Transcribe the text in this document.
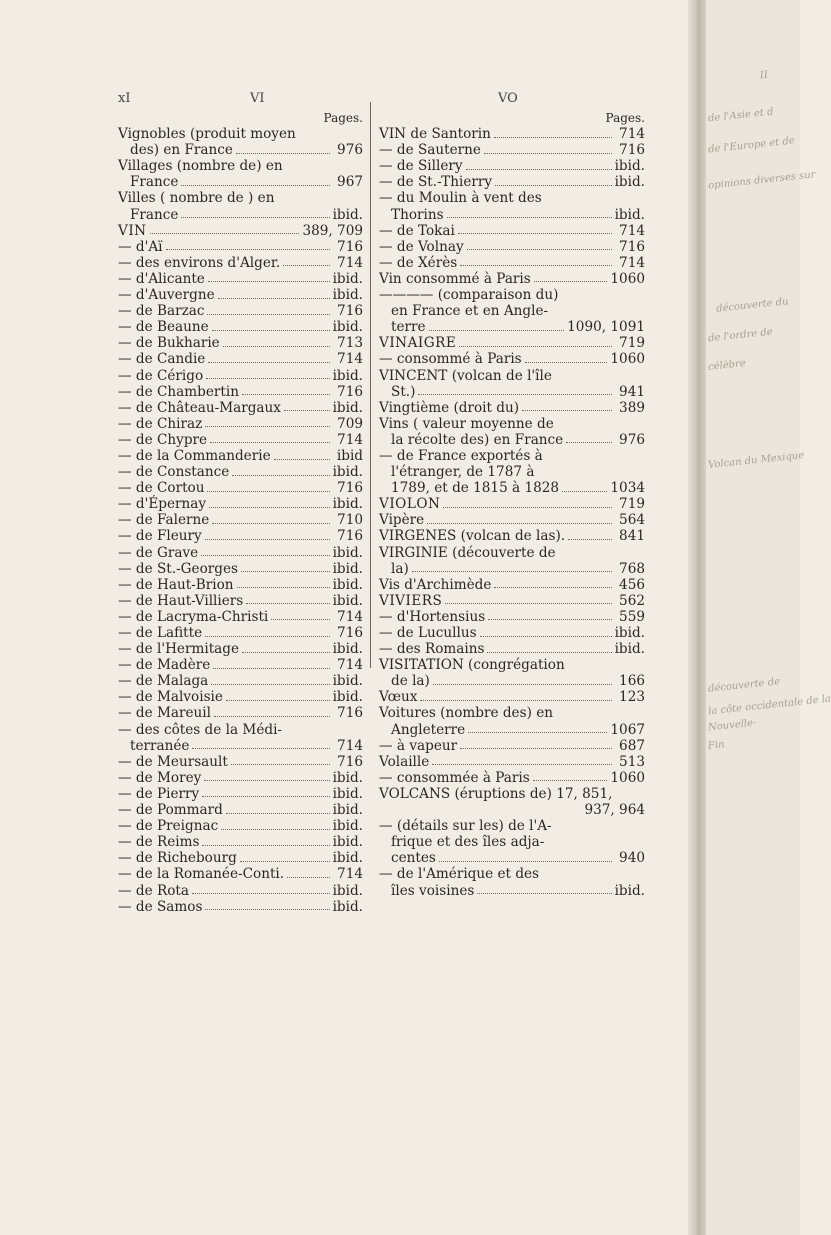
xI	VI	VO
Pages.
Vignobles (produit moyen
des) en France	976
Villages (nombre de) en
France	967
Villes ( nombre de ) en
France	ibid.
VIN	389, 709
— d'Aï	716
— des environs d'Alger.	714
— d'Alicante	ibid.
— d'Auvergne	ibid.
— de Barzac	716
— de Beaune	ibid.
— de Bukharie	713
— de Candie	714
— de Cérigo	ibid.
— de Chambertin	716
— de Château-Margaux	ibid.
— de Chiraz	709
— de Chypre	714
— de la Commanderie	ibid
— de Constance	ibid.
— de Cortou	716
— d'Épernay	ibid.
— de Falerne	710
— de Fleury	716
— de Grave	ibid.
— de St.-Georges	ibid.
— de Haut-Brion	ibid.
— de Haut-Villiers	ibid.
— de Lacryma-Christi	714
— de Lafitte	716
— de l'Hermitage	ibid.
— de Madère	714
— de Malaga	ibid.
— de Malvoisie	ibid.
— de Mareuil	716
— des côtes de la Médi-
terranée	714
— de Meursault	716
— de Morey	ibid.
— de Pierry	ibid.
— de Pommard	ibid.
— de Preignac	ibid.
— de Reims	ibid.
— de Richebourg	ibid.
— de la Romanée-Conti.	714
— de Rota	ibid.
— de Samos	ibid.
Pages.
VIN de Santorin	714
— de Sauterne	716
— de Sillery	ibid.
— de St.-Thierry	ibid.
— du Moulin à vent des
Thorins	ibid.
— de Tokai	714
— de Volnay	716
— de Xérès	714
Vin consommé à Paris	1060
———— (comparaison du)
en France et en Angle-
terre	1090, 1091
VINAIGRE	719
— consommé à Paris	1060
VINCENT (volcan de l'île
St.)	941
Vingtième (droit du)	389
Vins ( valeur moyenne de
la récolte des) en France	976
— de France exportés à
l'étranger, de 1787 à
1789, et de 1815 à 1828	1034
VIOLON	719
Vipère	564
VIRGENES (volcan de las).	841
VIRGINIE (découverte de
la)	768
Vis d'Archimède	456
VIVIERS	562
— d'Hortensius	559
— de Lucullus	ibid.
— des Romains	ibid.
VISITATION (congrégation
de la)	166
Vœux	123
Voitures (nombre des) en
Angleterre	1067
— à vapeur	687
Volaille	513
— consommée à Paris	1060
VOLCANS (éruptions de) 17, 851,
937, 964
— (détails sur les) de l'A-
frique et des îles adja-
centes	940
— de l'Amérique et des
îles voisines	ibid.
II
de l'Asie et d
de l'Europe et de
opinions diverses sur
découverte du
de l'ordre de
célèbre
Volcan du Mexique
découverte de
la côte occidentale de la
Nouvelle-
Fin
